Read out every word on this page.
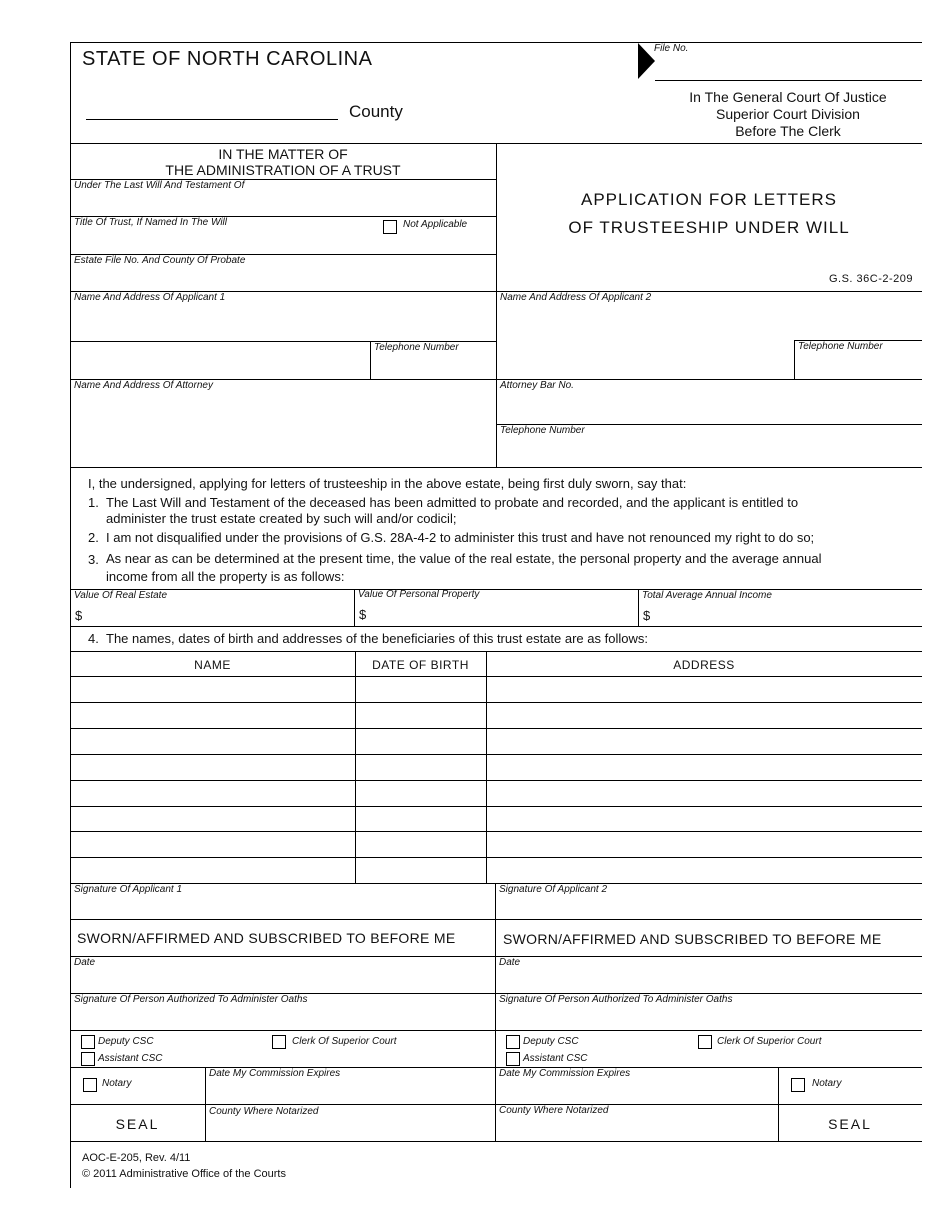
STATE OF NORTH CAROLINA
County
File No.
In The General Court Of Justice
Superior Court Division
Before The Clerk
IN THE MATTER OF
THE ADMINISTRATION OF A TRUST
Under The Last Will And Testament Of
Title Of Trust, If Named In The Will	Not Applicable
Estate File No. And County Of Probate
APPLICATION FOR LETTERS
OF TRUSTEESHIP UNDER WILL
G.S. 36C-2-209
Name And Address Of Applicant 1	Name And Address Of Applicant 2
Telephone Number	Telephone Number
Name And Address Of Attorney	Attorney Bar No.
Telephone Number
I, the undersigned, applying for letters of trusteeship in the above estate, being first duly sworn, say that:
1. The Last Will and Testament of the deceased has been admitted to probate and recorded, and the applicant is entitled to
administer the trust estate created by such will and/or codicil;
2. I am not disqualified under the provisions of G.S. 28A-4-2 to administer this trust and have not renounced my right to do so;
3. As near as can be determined at the present time, the value of the real estate, the personal property and the average annual
income from all the property is as follows:
Value Of Real Estate	Value Of Personal Property	Total Average Annual Income
$	$	$
4. The names, dates of birth and addresses of the beneficiaries of this trust estate are as follows:
NAME	DATE OF BIRTH	ADDRESS
Signature Of Applicant 1	Signature Of Applicant 2
SWORN/AFFIRMED AND SUBSCRIBED TO BEFORE ME	SWORN/AFFIRMED AND SUBSCRIBED TO BEFORE ME
Date	Date
Signature Of Person Authorized To Administer Oaths	Signature Of Person Authorized To Administer Oaths
Deputy CSC
Assistant CSC
Clerk Of Superior Court	Deputy CSC
Assistant CSC
Clerk Of Superior Court
Notary
Date My Commission Expires	Date My Commission Expires
Notary
SEAL
County Where Notarized	County Where Notarized
SEAL
AOC-E-205, Rev. 4/11
© 2011 Administrative Office of the Courts
